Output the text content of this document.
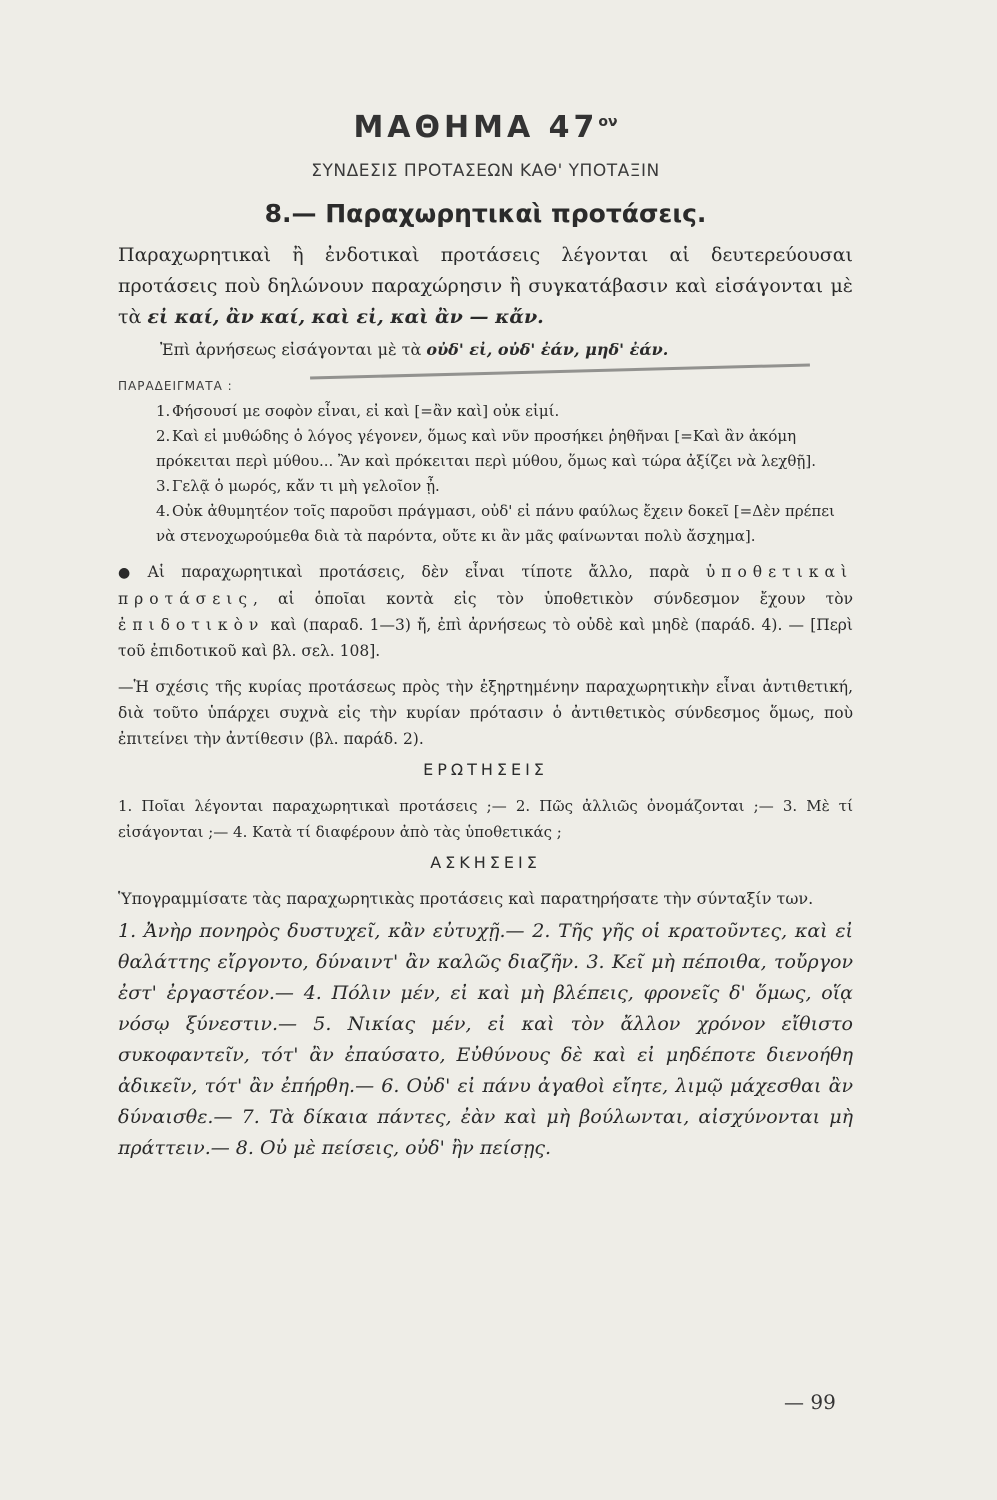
ΜΑΘΗΜΑ $47^{o\nu}$

ΣΥΝΔΕΣΙΣ ΠΡΟΤΑΣΕΩΝ ΚΑΘ' ΥΠΟΤΑΞΙΝ

8.— Παραχωρητικαὶ προτάσεις.

Παραχωρητικαὶ ἢ ἐνδοτικαὶ προτάσεις λέγονται αἱ δευτερεύουσαι προτάσεις ποὺ δηλώνουν παραχώρησιν ἢ συγκατάβασιν καὶ εἰσάγονται μὲ τὰ εἰ καί, ἂν καί, καὶ εἰ, καὶ ἂν — κἄν.

Ἐπὶ ἀρνήσεως εἰσάγονται μὲ τὰ οὐδ' εἰ, οὐδ' ἐάν, μηδ' ἐάν.

ΠΑΡΑΔΕΙΓΜΑΤΑ :

1. Φήσουσί με σοφὸν εἶναι, εἰ καὶ [=ἂν καὶ] οὐκ εἰμί.
2. Καὶ εἰ μυθώδης ὁ λόγος γέγονεν, ὅμως καὶ νῦν προσήκει ῥηθῆναι [=Καὶ ἂν ἀκόμη πρόκειται περὶ μύθου... Ἂν καὶ πρόκειται περὶ μύθου, ὅμως καὶ τώρα ἀξίζει νὰ λεχθῇ].
3. Γελᾷ ὁ μωρός, κἄν τι μὴ γελοῖον ᾖ.
4. Οὐκ ἀθυμητέον τοῖς παροῦσι πράγμασι, οὐδ' εἰ πάνυ φαύλως ἔχειν δοκεῖ [=Δὲν πρέπει νὰ στενοχωρούμεθα διὰ τὰ παρόντα, οὔτε κι ἂν μᾶς φαίνωνται πολὺ ἄσχημα].

● Αἱ παραχωρητικαὶ προτάσεις, δὲν εἶναι τίποτε ἄλλο, παρὰ ὑποθετικαὶ προτάσεις, αἱ ὁποῖαι κοντὰ εἰς τὸν ὑποθετικὸν σύνδεσμον ἔχουν τὸν ἐπιδοτικὸν καὶ (παραδ. 1—3) ἤ, ἐπὶ ἀρνήσεως τὸ οὐδὲ καὶ μηδὲ (παράδ. 4). — [Περὶ τοῦ ἐπιδοτικοῦ καὶ βλ. σελ. 108].

—Ἡ σχέσις τῆς κυρίας προτάσεως πρὸς τὴν ἐξηρτημένην παραχωρητικὴν εἶναι ἀντιθετική, διὰ τοῦτο ὑπάρχει συχνὰ εἰς τὴν κυρίαν πρότασιν ὁ ἀντιθετικὸς σύνδεσμος ὅμως, ποὺ ἐπιτείνει τὴν ἀντίθεσιν (βλ. παράδ. 2).

ΕΡΩΤΗΣΕΙΣ

1. Ποῖαι λέγονται παραχωρητικαὶ προτάσεις ;— 2. Πῶς ἀλλιῶς ὀνομάζονται ;— 3. Μὲ τί εἰσάγονται ;— 4. Κατὰ τί διαφέρουν ἀπὸ τὰς ὑποθετικάς ;

ΑΣΚΗΣΕΙΣ

Ὑπογραμμίσατε τὰς παραχωρητικὰς προτάσεις καὶ παρατηρήσατε τὴν σύνταξίν των.

1. Ἀνὴρ πονηρὸς δυστυχεῖ, κἂν εὐτυχῇ.— 2. Τῆς γῆς οἱ κρατοῦντες, καὶ εἰ θαλάττης εἴργοντο, δύναιντ' ἂν καλῶς διαζῆν. 3. Κεῖ μὴ πέποιθα, τοὔργον ἐστ' ἐργαστέον.— 4. Πόλιν μέν, εἰ καὶ μὴ βλέπεις, φρονεῖς δ' ὅμως, οἵᾳ νόσῳ ξύνεστιν.— 5. Νικίας μέν, εἰ καὶ τὸν ἄλλον χρόνον εἴθιστο συκοφαντεῖν, τότ' ἂν ἐπαύσατο, Εὐθύνους δὲ καὶ εἰ μηδέποτε διενοήθη ἀδικεῖν, τότ' ἂν ἐπήρθη.— 6. Οὐδ' εἰ πάνυ ἀγαθοὶ εἴητε, λιμῷ μάχεσθαι ἂν δύναισθε.— 7. Τὰ δίκαια πάντες, ἐὰν καὶ μὴ βούλωνται, αἰσχύνονται μὴ πράττειν.— 8. Οὐ μὲ πείσεις, οὐδ' ἢν πείσῃς.

— 99
